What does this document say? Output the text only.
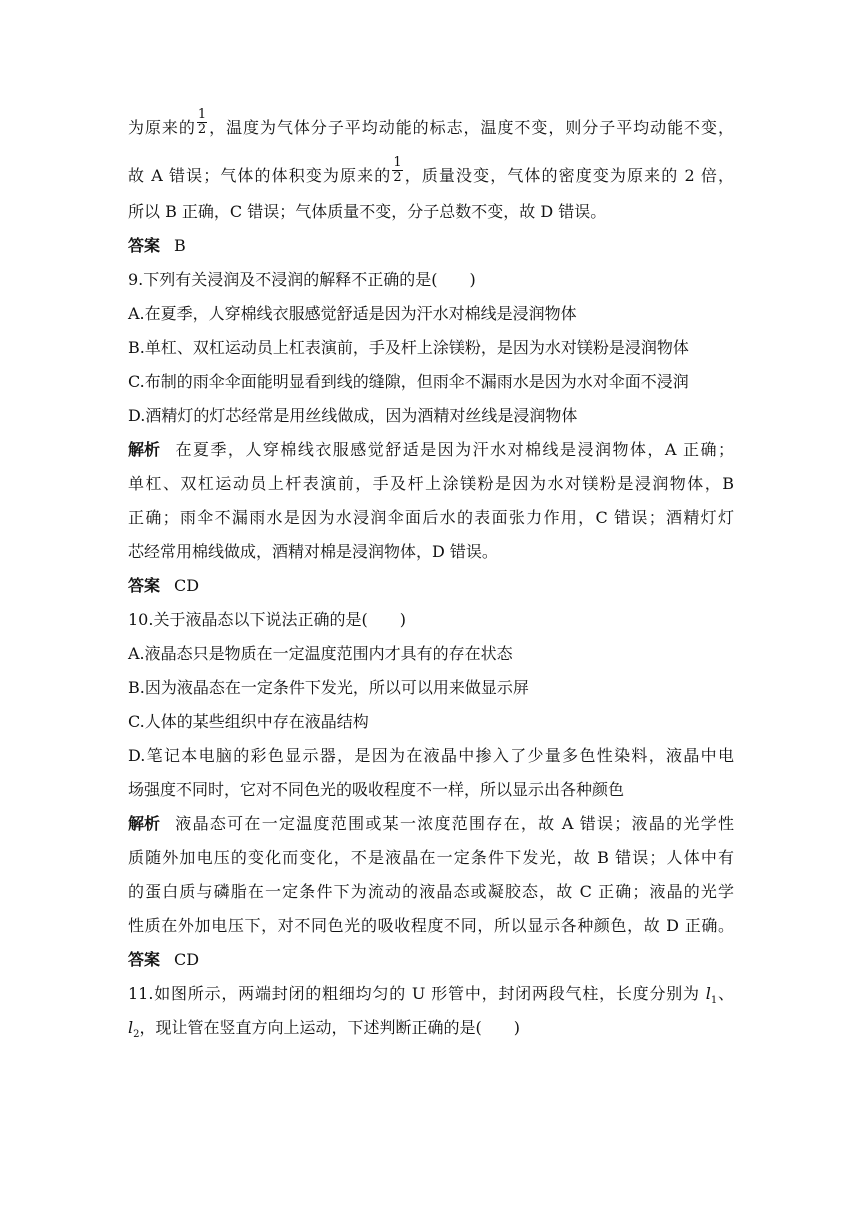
为原来的 $\frac{1}{2}$ ，温度为气体分子平均动能的标志，温度不变，则分子平均动能不变，
故 A 错误；气体的体积变为原来的 $\frac{1}{2}$ ，质量没变，气体的密度变为原来的 2 倍，
所以 B 正确，C 错误；气体质量不变，分子总数不变，故 D 错误。
答案 B
9.下列有关浸润及不浸润的解释不正确的是(　　)
A.在夏季，人穿棉线衣服感觉舒适是因为汗水对棉线是浸润物体
B.单杠、双杠运动员上杠表演前，手及杆上涂镁粉，是因为水对镁粉是浸润物体
C.布制的雨伞伞面能明显看到线的缝隙，但雨伞不漏雨水是因为水对伞面不浸润
D.酒精灯的灯芯经常是用丝线做成，因为酒精对丝线是浸润物体
解析 在夏季，人穿棉线衣服感觉舒适是因为汗水对棉线是浸润物体，A 正确；
单杠、双杠运动员上杆表演前，手及杆上涂镁粉是因为水对镁粉是浸润物体，B
正确；雨伞不漏雨水是因为水浸润伞面后水的表面张力作用，C 错误；酒精灯灯
芯经常用棉线做成，酒精对棉是浸润物体，D 错误。
答案 CD
10.关于液晶态以下说法正确的是(　　)
A.液晶态只是物质在一定温度范围内才具有的存在状态
B.因为液晶态在一定条件下发光，所以可以用来做显示屏
C.人体的某些组织中存在液晶结构
D.笔记本电脑的彩色显示器，是因为在液晶中掺入了少量多色性染料，液晶中电
场强度不同时，它对不同色光的吸收程度不一样，所以显示出各种颜色
解析 液晶态可在一定温度范围或某一浓度范围存在，故 A 错误；液晶的光学性
质随外加电压的变化而变化，不是液晶在一定条件下发光，故 B 错误；人体中有
的蛋白质与磷脂在一定条件下为流动的液晶态或凝胶态，故 C 正确；液晶的光学
性质在外加电压下，对不同色光的吸收程度不同，所以显示各种颜色，故 D 正确。
答案 CD
11.如图所示，两端封闭的粗细均匀的 U 形管中，封闭两段气柱，长度分别为 $l_1$、
$l_2$，现让管在竖直方向上运动，下述判断正确的是(　　)
